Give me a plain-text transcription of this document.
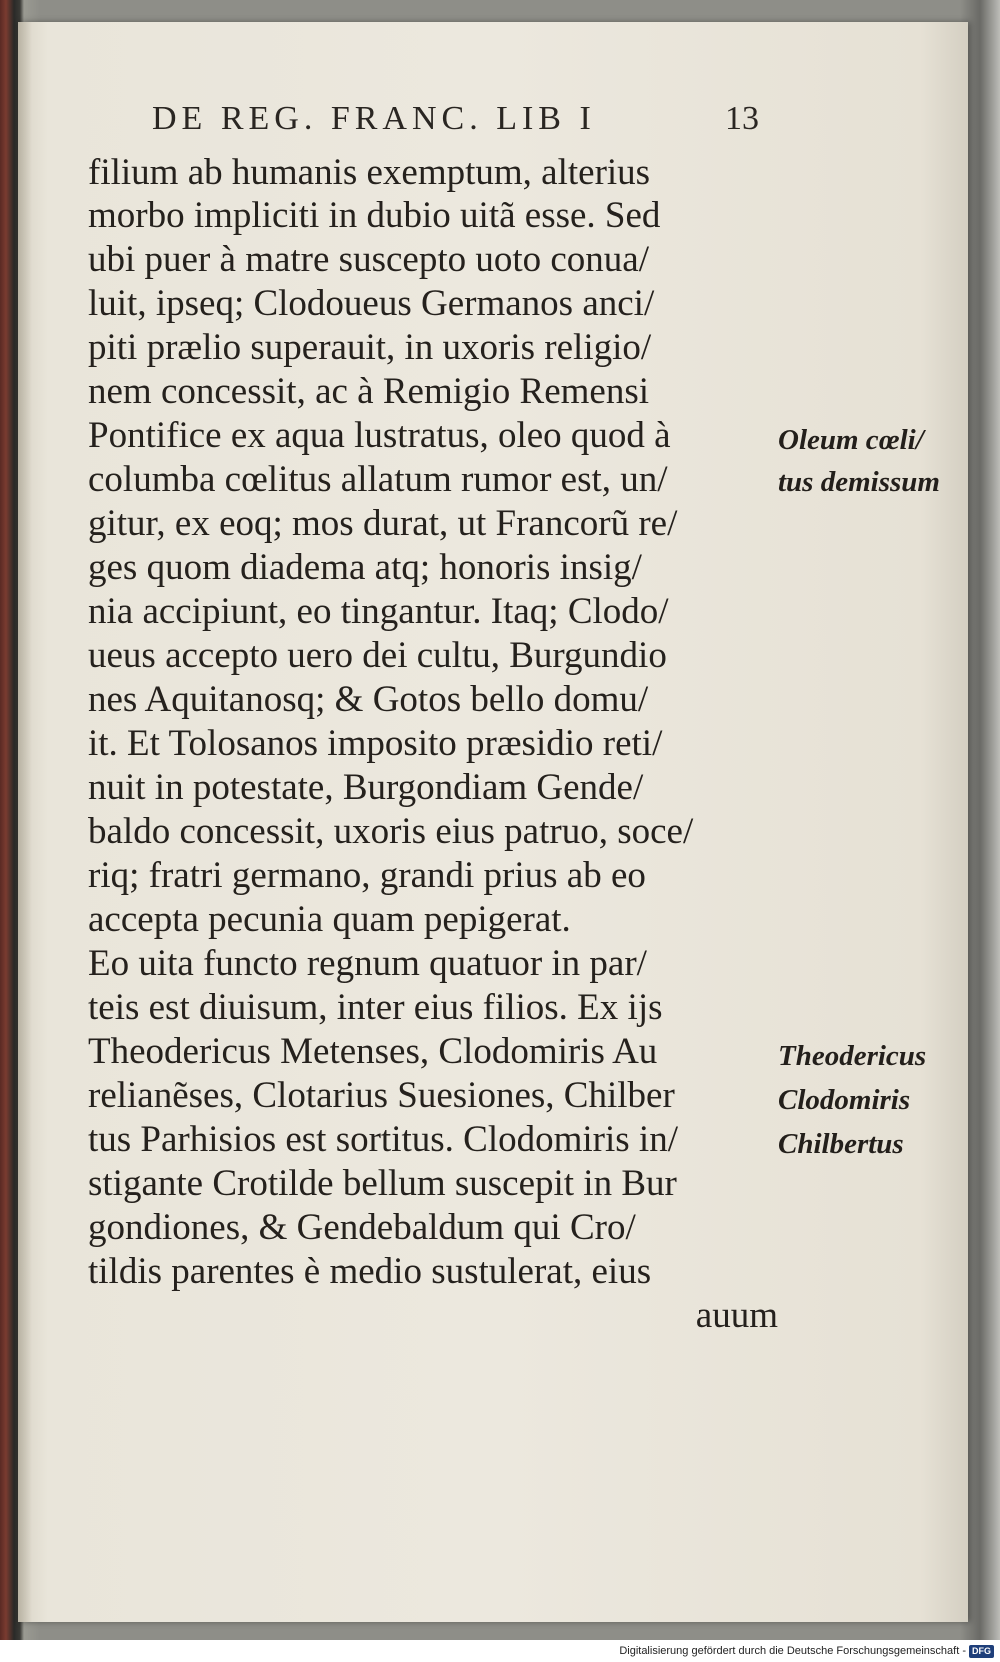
DE REG. FRANC. LIB I	13
filium ab humanis exemptum, alterius
morbo impliciti in dubio uitã esse. Sed
ubi puer à matre suscepto uoto conua/
luit, ipseq; Clodoueus Germanos anci/
piti prælio superauit, in uxoris religio/
nem concessit, ac à Remigio Remensi
Pontifice ex aqua lustratus, oleo quod à
columba cœlitus allatum rumor est, un/
gitur, ex eoq; mos durat, ut Francorũ re/
ges quom diadema atq; honoris insig/
nia accipiunt, eo tingantur. Itaq; Clodo/
ueus accepto uero dei cultu, Burgundio
nes Aquitanosq; & Gotos bello domu/
it. Et Tolosanos imposito præsidio reti/
nuit in potestate, Burgondiam Gende/
baldo concessit, uxoris eius patruo, soce/
riq; fratri germano, grandi prius ab eo
accepta pecunia quam pepigerat.
Eo uita functo regnum quatuor in par/
teis est diuisum, inter eius filios. Ex ijs
Theodericus Metenses, Clodomiris Au
relianẽses, Clotarius Suesiones, Chilber
tus Parhisios est sortitus. Clodomiris in/
stigante Crotilde bellum suscepit in Bur
gondiones, & Gendebaldum qui Cro/
tildis parentes è medio sustulerat, eius
auum
Oleum cœli/
tus demissum
Theodericus
Clodomiris
Chilbertus
Digitalisierung gefördert durch die Deutsche Forschungsgemeinschaft - DFG
